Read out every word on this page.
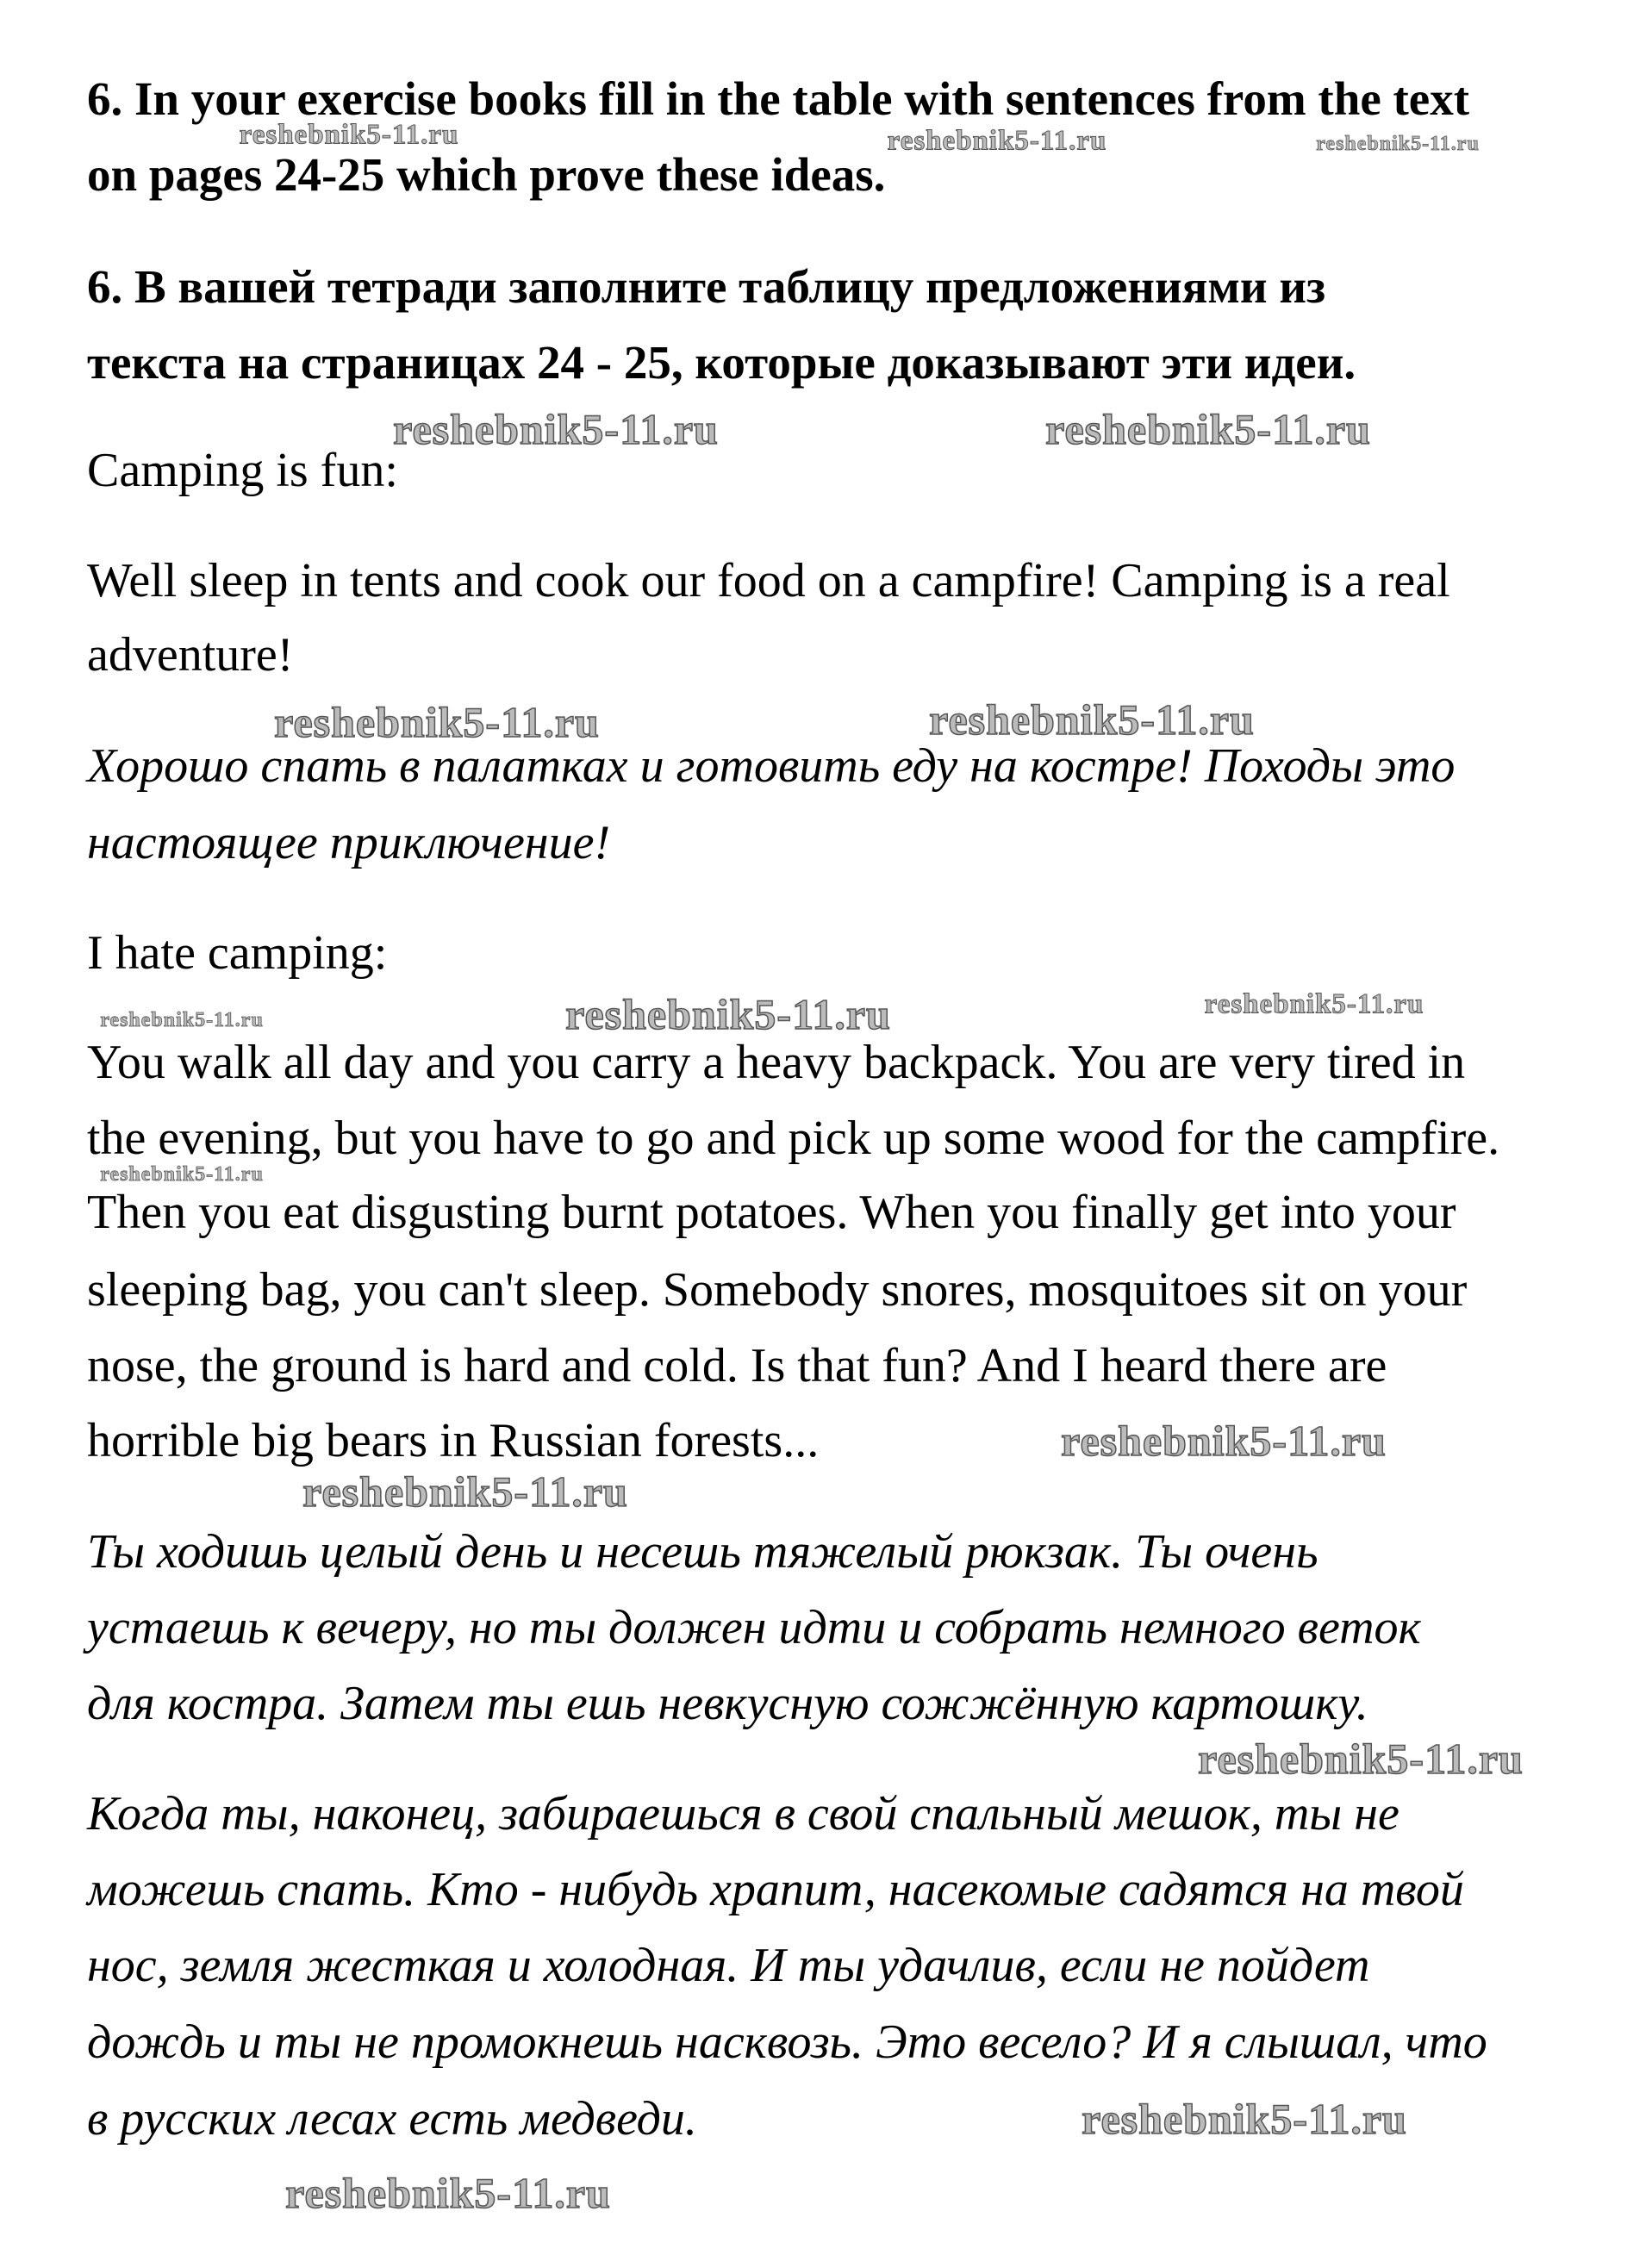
6. In your exercise books fill in the table with sentences from the text
on pages 24-25 which prove these ideas.
6. В вашей тетради заполните таблицу предложениями из
текста на страницах 24 - 25, которые доказывают эти идеи.
Camping is fun:
Well sleep in tents and cook our food on a campfire! Camping is a real
adventure!
Хорошо спать в палатках и готовить еду на костре! Походы это
настоящее приключение!
I hate camping:
You walk all day and you carry a heavy backpack. You are very tired in
the evening, but you have to go and pick up some wood for the campfire.
Then you eat disgusting burnt potatoes. When you finally get into your
sleeping bag, you can't sleep. Somebody snores, mosquitoes sit on your
nose, the ground is hard and cold. Is that fun? And I heard there are
horrible big bears in Russian forests...
Ты ходишь целый день и несешь тяжелый рюкзак. Ты очень
устаешь к вечеру, но ты должен идти и собрать немного веток
для костра. Затем ты ешь невкусную сожжённую картошку.
Когда ты, наконец, забираешься в свой спальный мешок, ты не
можешь спать. Кто - нибудь храпит, насекомые садятся на твой
нос, земля жесткая и холодная. И ты удачлив, если не пойдет
дождь и ты не промокнешь насквозь. Это весело? И я слышал, что
в русских лесах есть медведи.
reshebnik5-11.ru	reshebnik5-11.ru	reshebnik5-11.ru
reshebnik5-11.ru	reshebnik5-11.ru
reshebnik5-11.ru	reshebnik5-11.ru
reshebnik5-11.ru	reshebnik5-11.ru	reshebnik5-11.ru
reshebnik5-11.ru
reshebnik5-11.ru
reshebnik5-11.ru
reshebnik5-11.ru
reshebnik5-11.ru
reshebnik5-11.ru
